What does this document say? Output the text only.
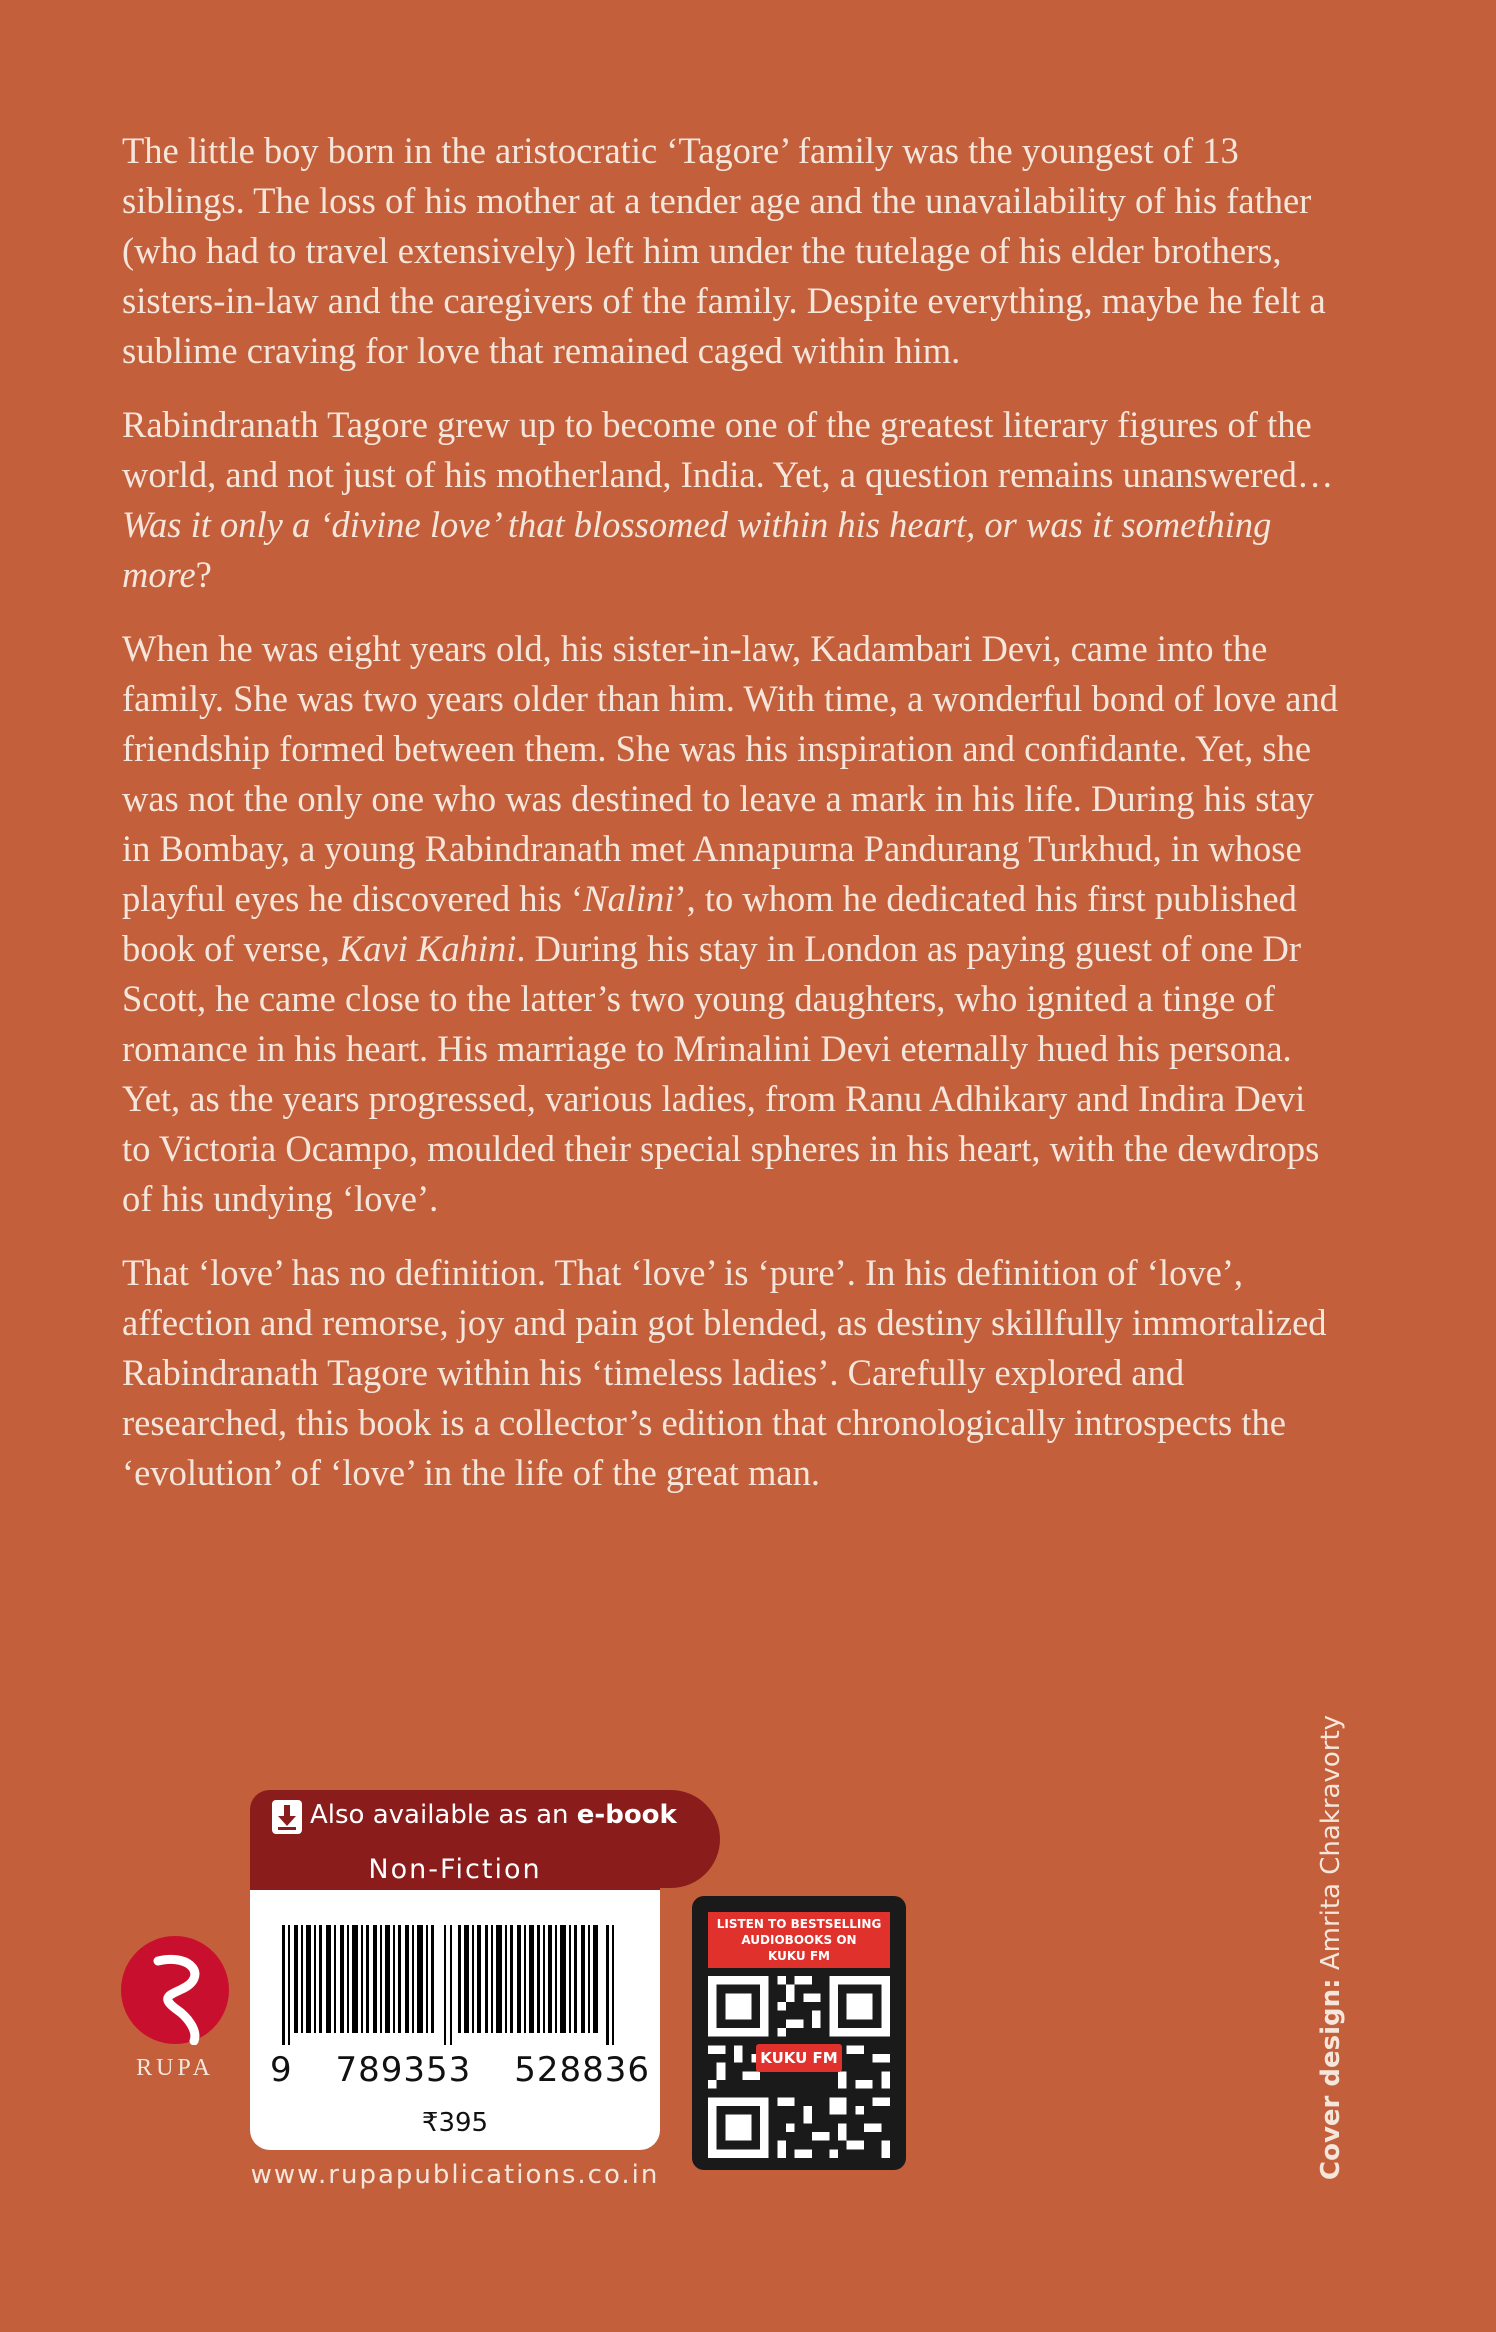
The little boy born in the aristocratic ‘Tagore’ family was the youngest of 13 siblings. The loss of his mother at a tender age and the unavailability of his father (who had to travel extensively) left him under the tutelage of his elder brothers, sisters-in-law and the caregivers of the family. Despite everything, maybe he felt a sublime craving for love that remained caged within him.

Rabindranath Tagore grew up to become one of the greatest literary figures of the world, and not just of his motherland, India. Yet, a question remains unanswered… Was it only a ‘divine love’ that blossomed within his heart, or was it something more?

When he was eight years old, his sister-in-law, Kadambari Devi, came into the family. She was two years older than him. With time, a wonderful bond of love and friendship formed between them. She was his inspiration and confidante. Yet, she was not the only one who was destined to leave a mark in his life. During his stay in Bombay, a young Rabindranath met Annapurna Pandurang Turkhud, in whose playful eyes he discovered his ‘Nalini’, to whom he dedicated his first published book of verse, Kavi Kahini. During his stay in London as paying guest of one Dr Scott, he came close to the latter’s two young daughters, who ignited a tinge of romance in his heart. His marriage to Mrinalini Devi eternally hued his persona. Yet, as the years progressed, various ladies, from Ranu Adhikary and Indira Devi to Victoria Ocampo, moulded their special spheres in his heart, with the dewdrops of his undying ‘love’.

That ‘love’ has no definition. That ‘love’ is ‘pure’. In his definition of ‘love’, affection and remorse, joy and pain got blended, as destiny skillfully immortalized Rabindranath Tagore within his ‘timeless ladies’. Carefully explored and researched, this book is a collector’s edition that chronologically introspects the ‘evolution’ of ‘love’ in the life of the great man.

Also available as an e-book
Non-Fiction
9 789353 528836
₹395
www.rupapublications.co.in
RUPA
LISTEN TO BESTSELLING
AUDIOBOOKS ON
KUKU FM
KUKU FM	Cover design: Amrita Chakravorty
